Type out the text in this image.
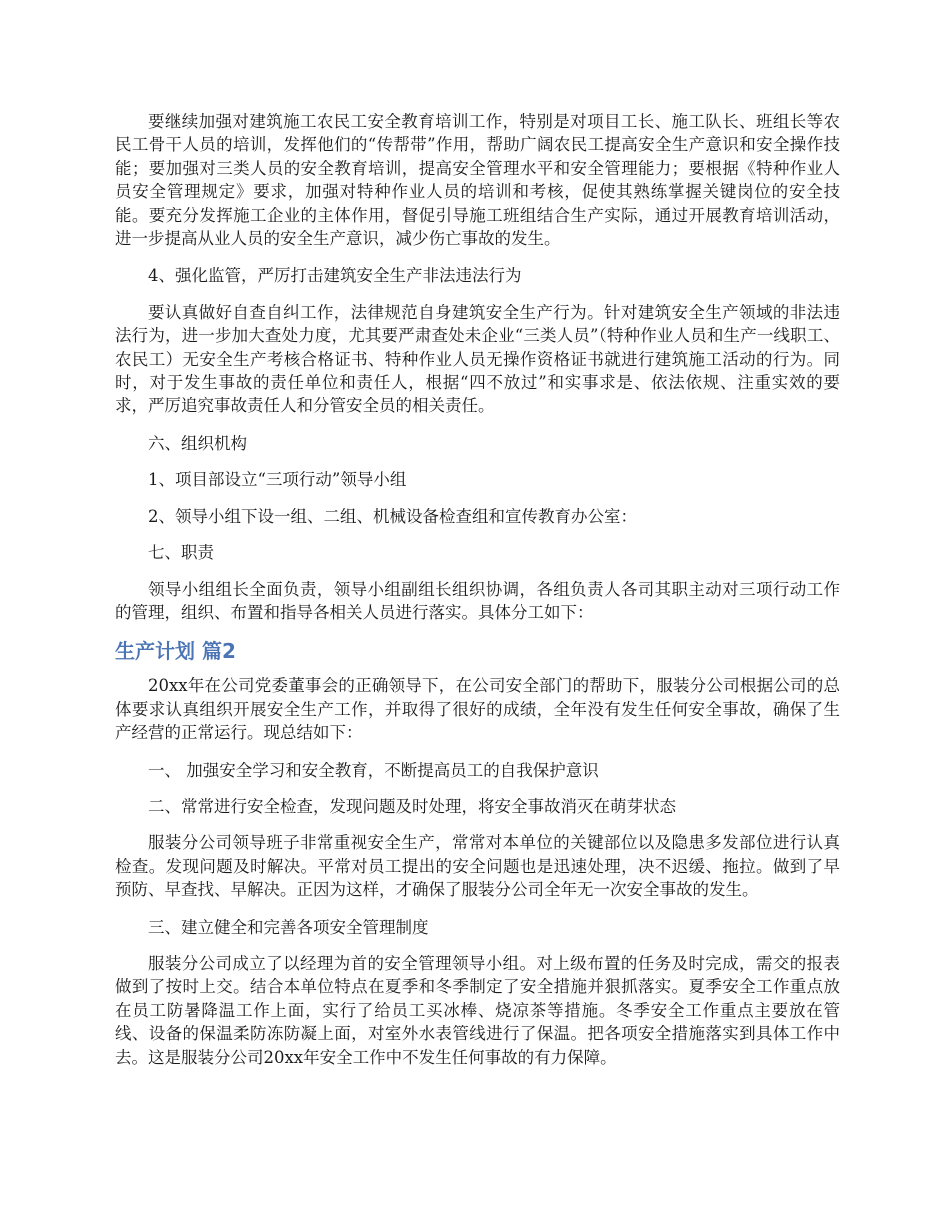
要继续加强对建筑施工农民工安全教育培训工作，特别是对项目工长、施工队长、班组长等农民工骨干人员的培训，发挥他们的“传帮带”作用，帮助广阔农民工提高安全生产意识和安全操作技能；要加强对三类人员的安全教育培训，提高安全管理水平和安全管理能力；要根据《特种作业人员安全管理规定》要求，加强对特种作业人员的培训和考核，促使其熟练掌握关键岗位的安全技能。要充分发挥施工企业的主体作用，督促引导施工班组结合生产实际，通过开展教育培训活动，进一步提高从业人员的安全生产意识，减少伤亡事故的发生。

4、强化监管，严厉打击建筑安全生产非法违法行为

要认真做好自查自纠工作，法律规范自身建筑安全生产行为。针对建筑安全生产领域的非法违法行为，进一步加大查处力度，尤其要严肃查处未企业“三类人员”（特种作业人员和生产一线职工、农民工）无安全生产考核合格证书、特种作业人员无操作资格证书就进行建筑施工活动的行为。同时，对于发生事故的责任单位和责任人，根据“四不放过”和实事求是、依法依规、注重实效的要求，严厉追究事故责任人和分管安全员的相关责任。

六、组织机构

1、项目部设立“三项行动”领导小组

2、领导小组下设一组、二组、机械设备检查组和宣传教育办公室：

七、职责

领导小组组长全面负责，领导小组副组长组织协调，各组负责人各司其职主动对三项行动工作的管理，组织、布置和指导各相关人员进行落实。具体分工如下：

生产计划 篇2

20xx年在公司党委董事会的正确领导下，在公司安全部门的帮助下，服装分公司根据公司的总体要求认真组织开展安全生产工作，并取得了很好的成绩，全年没有发生任何安全事故，确保了生产经营的正常运行。现总结如下：

一、 加强安全学习和安全教育，不断提高员工的自我保护意识

二、常常进行安全检查，发现问题及时处理，将安全事故消灭在萌芽状态

服装分公司领导班子非常重视安全生产，常常对本单位的关键部位以及隐患多发部位进行认真检查。发现问题及时解决。平常对员工提出的安全问题也是迅速处理，决不迟缓、拖拉。做到了早预防、早查找、早解决。正因为这样，才确保了服装分公司全年无一次安全事故的发生。

三、建立健全和完善各项安全管理制度

服装分公司成立了以经理为首的安全管理领导小组。对上级布置的任务及时完成，需交的报表做到了按时上交。结合本单位特点在夏季和冬季制定了安全措施并狠抓落实。夏季安全工作重点放在员工防暑降温工作上面，实行了给员工买冰棒、烧凉茶等措施。冬季安全工作重点主要放在管线、设备的保温柔防冻防凝上面，对室外水表管线进行了保温。把各项安全措施落实到具体工作中去。这是服装分公司20xx年安全工作中不发生任何事故的有力保障。
